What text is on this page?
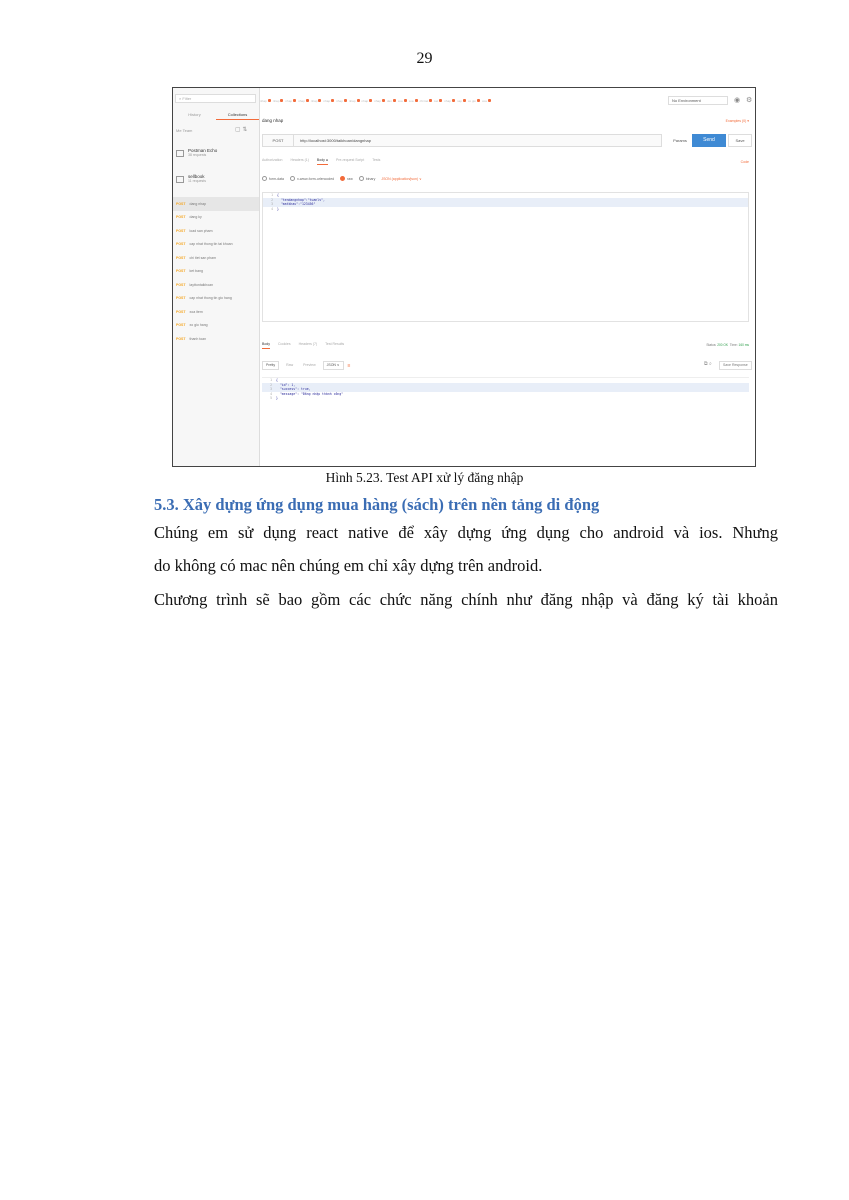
29
⌕ Filter
History	Collections
Me Team	▢ ⇅
Postman Echo
38 requests
sellbook
11 requests
POST dang nhap
POST dang ky
POST load san pham
POST cap nhat thong tin tai khoan
POST chi tiet san pham
POST ket bang
POST layttontaikhoan
POST cap nhat thong tin gio hang
POST xoa item
POST xo gio hang
POST thanh toan
nhap nhap nhap nhap nhap nhap nhap nhap nhap nhap dan xoa xoa chi tiet ket nhap nap xo gio xoa	No Environment	◉ ⚙
dang nhap	Examples (0) ▾
POST	http://localhost:3000/taikhoan/dangnhap	Params	Send	Save
Authorization Headers (1) Body ● Pre-request Script Tests	Code
form-data	x-www-form-urlencoded	raw	binary JSON (application/json) ∨
1	{
2	"tendangnhap":"tuanlv",
3	"matkhau":"123456"
4	}
Body Cookies Headers (7) Test Results	Status: 200 OK Time: 160 ms
Pretty	Raw	Preview	JSON ∨	≡	⧉ ⌕	Save Response
1	{
2	"id": 1,
3	"success": true,
4	"message": "Đăng nhập thành công"
5	}
Hình 5.23. Test API xử lý đăng nhập
5.3. Xây dựng ứng dụng mua hàng (sách) trên nền tảng di động
Chúng em sử dụng react native để xây dựng ứng dụng cho android và ios. Nhưng
do không có mac nên chúng em chỉ xây dựng trên android.
Chương trình sẽ bao gồm các chức năng chính như đăng nhập và đăng ký tài khoản
